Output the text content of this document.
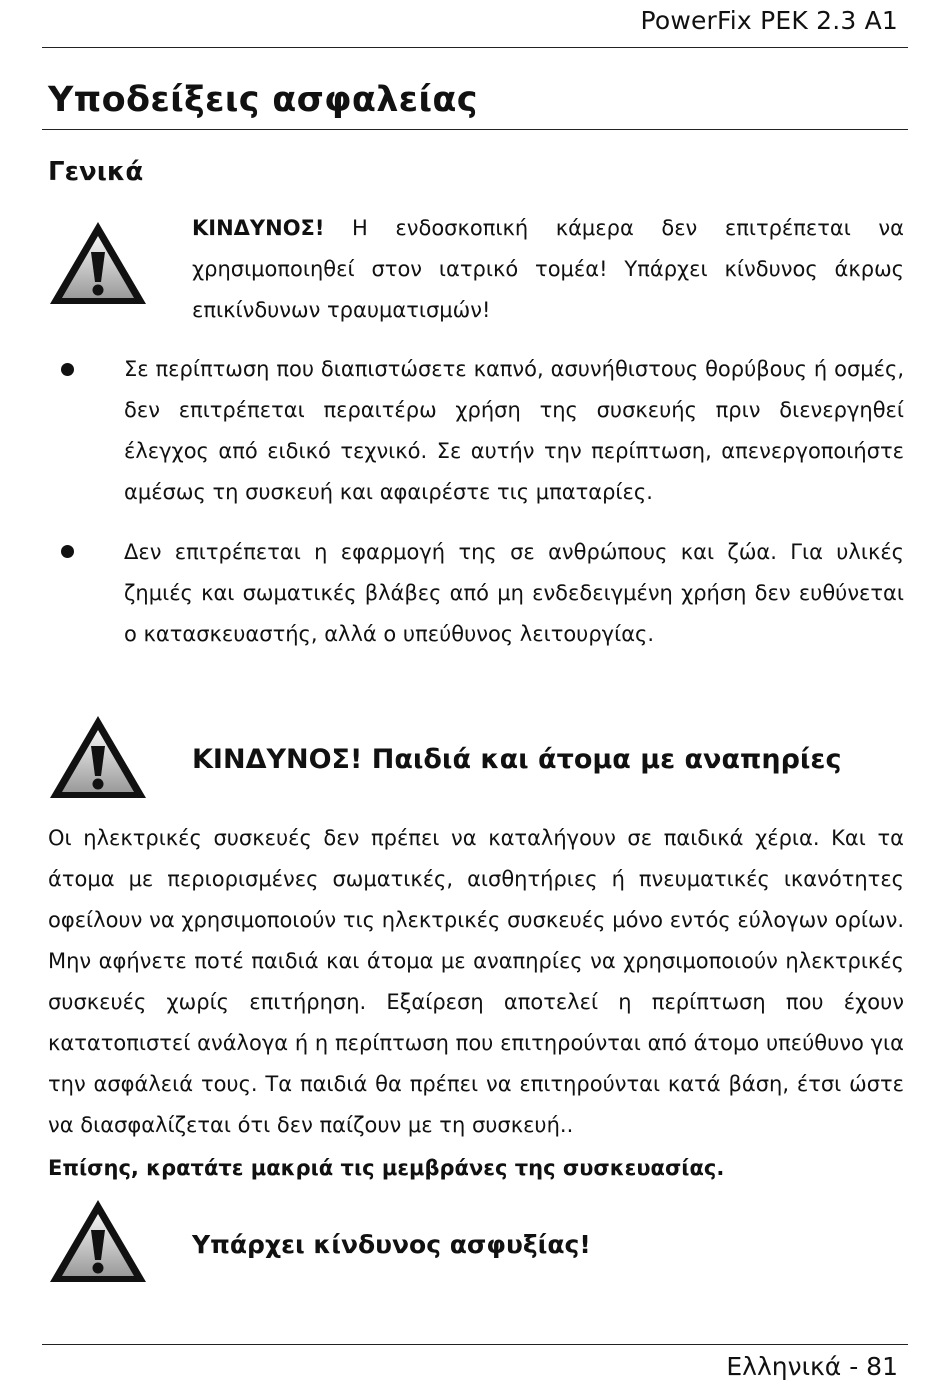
PowerFix PEK 2.3 A1
Υποδείξεις ασφαλείας
Γενικά
ΚΙΝΔΥΝΟΣ! Η ενδοσκοπική κάμερα δεν επιτρέπεται να χρησιμοποιηθεί στον ιατρικό τομέα! Υπάρχει κίνδυνος άκρως επικίνδυνων τραυματισμών!
Σε περίπτωση που διαπιστώσετε καπνό, ασυνήθιστους θορύβους ή οσμές, δεν επιτρέπεται περαιτέρω χρήση της συσκευής πριν διενεργηθεί έλεγχος από ειδικό τεχνικό. Σε αυτήν την περίπτωση, απενεργοποιήστε αμέσως τη συσκευή και αφαιρέστε τις μπαταρίες.
Δεν επιτρέπεται η εφαρμογή της σε ανθρώπους και ζώα. Για υλικές ζημιές και σωματικές βλάβες από μη ενδεδειγμένη χρήση δεν ευθύνεται ο κατασκευαστής, αλλά ο υπεύθυνος λειτουργίας.
ΚΙΝΔΥΝΟΣ! Παιδιά και άτομα με αναπηρίες
Οι ηλεκτρικές συσκευές δεν πρέπει να καταλήγουν σε παιδικά χέρια. Και τα άτομα με περιορισμένες σωματικές, αισθητήριες ή πνευματικές ικανότητες οφείλουν να χρησιμοποιούν τις ηλεκτρικές συσκευές μόνο εντός εύλογων ορίων. Μην αφήνετε ποτέ παιδιά και άτομα με αναπηρίες να χρησιμοποιούν ηλεκτρικές συσκευές χωρίς επιτήρηση. Εξαίρεση αποτελεί η περίπτωση που έχουν κατατοπιστεί ανάλογα ή η περίπτωση που επιτηρούνται από άτομο υπεύθυνο για την ασφάλειά τους. Τα παιδιά θα πρέπει να επιτηρούνται κατά βάση, έτσι ώστε να διασφαλίζεται ότι δεν παίζουν με τη συσκευή..
Επίσης, κρατάτε μακριά τις μεμβράνες της συσκευασίας.
Υπάρχει κίνδυνος ασφυξίας!
Ελληνικά - 81
